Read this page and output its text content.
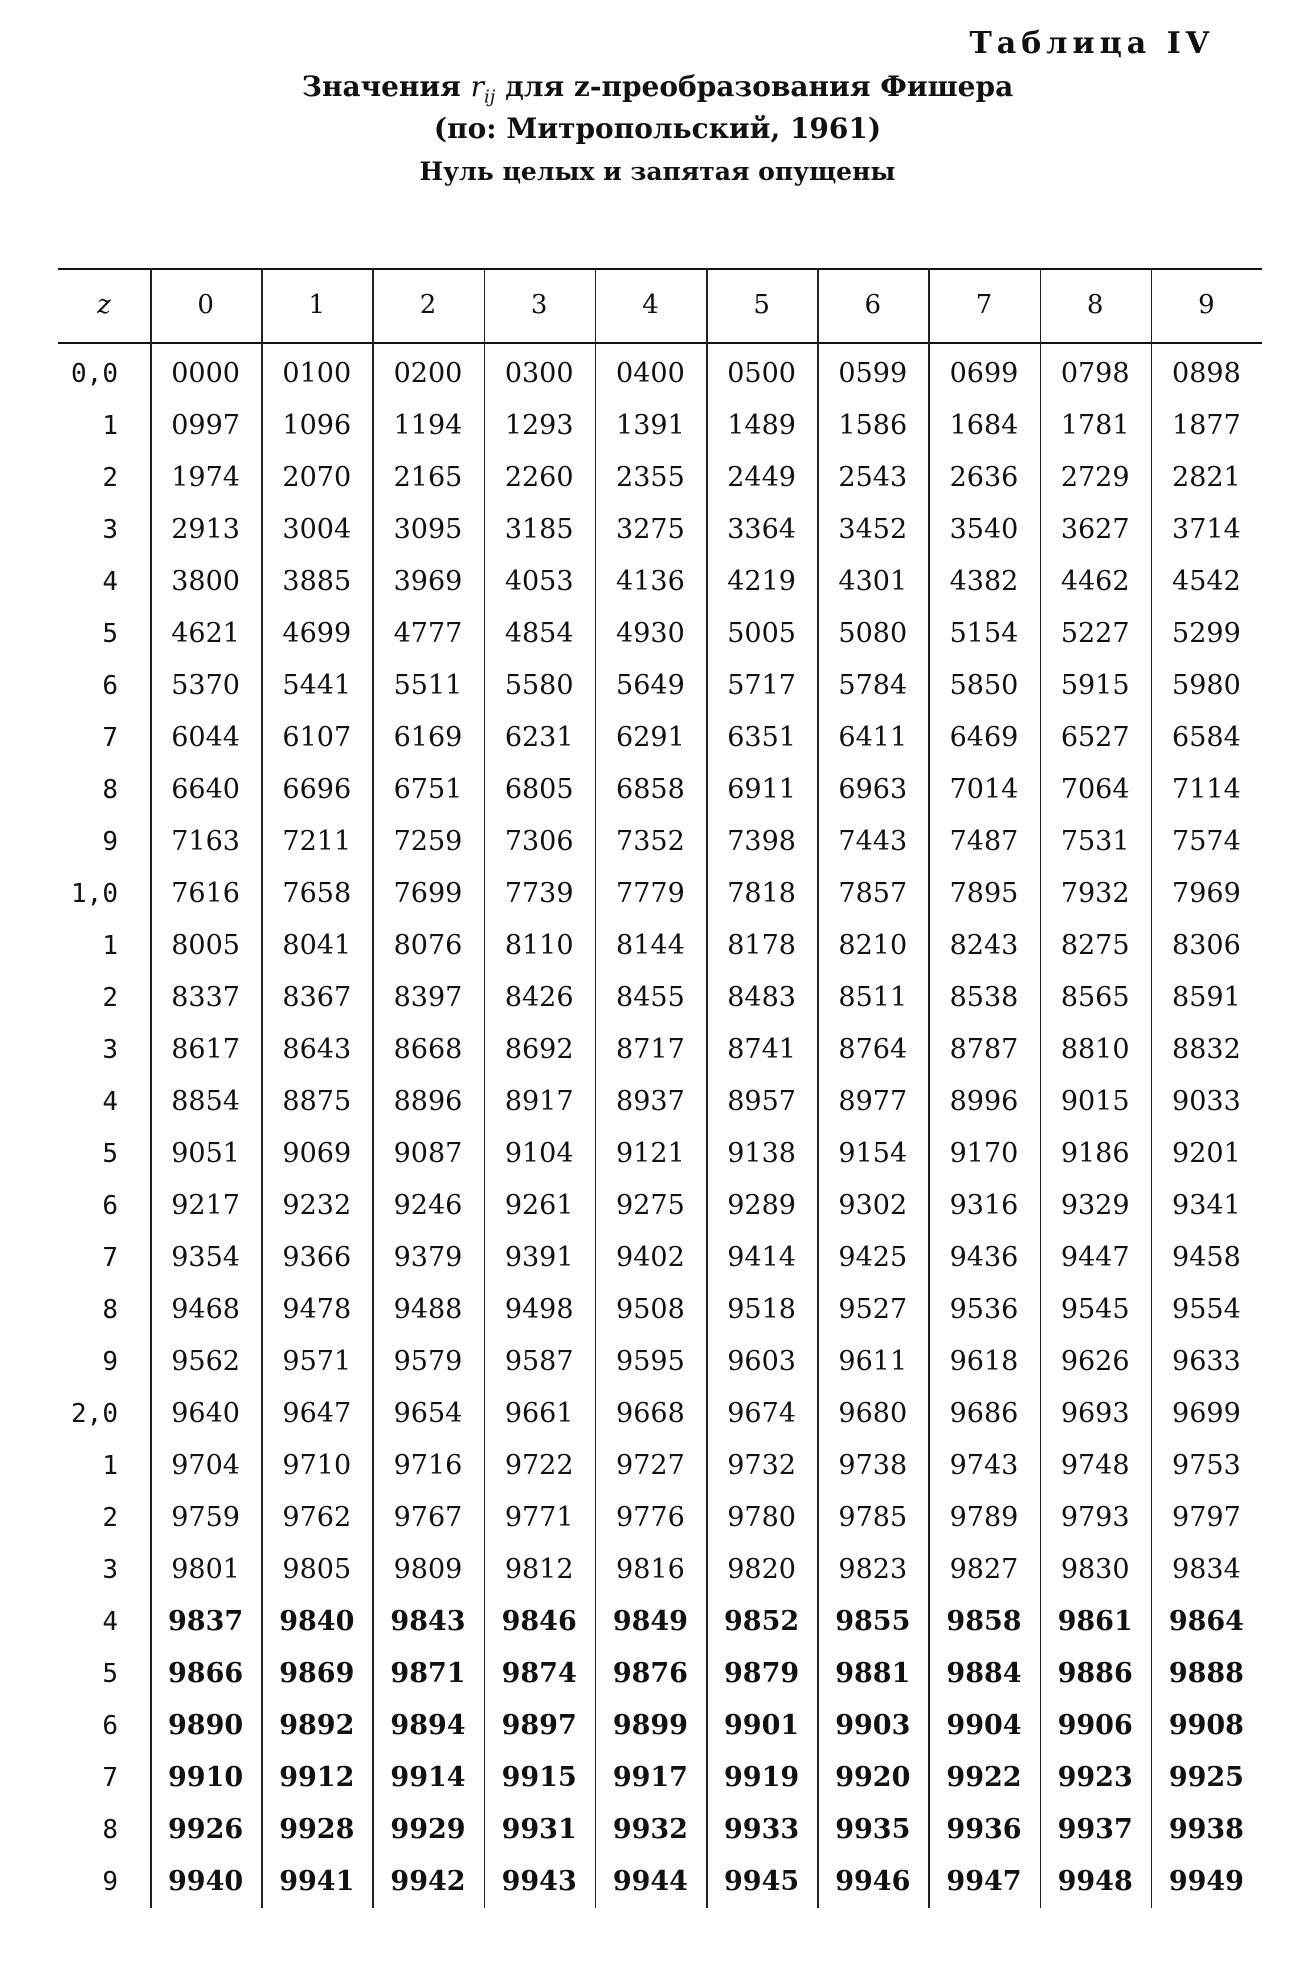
Таблица IV
Значения $r_{ij}$ для z-преобразования Фишера
(по: Митропольский, 1961)
Нуль целых и запятая опущены
z	0	1	2	3	4	5	6	7	8	9
0,0	0000	0100	0200	0300	0400	0500	0599	0699	0798	0898
1	0997	1096	1194	1293	1391	1489	1586	1684	1781	1877
2	1974	2070	2165	2260	2355	2449	2543	2636	2729	2821
3	2913	3004	3095	3185	3275	3364	3452	3540	3627	3714
4	3800	3885	3969	4053	4136	4219	4301	4382	4462	4542
5	4621	4699	4777	4854	4930	5005	5080	5154	5227	5299
6	5370	5441	5511	5580	5649	5717	5784	5850	5915	5980
7	6044	6107	6169	6231	6291	6351	6411	6469	6527	6584
8	6640	6696	6751	6805	6858	6911	6963	7014	7064	7114
9	7163	7211	7259	7306	7352	7398	7443	7487	7531	7574
1,0	7616	7658	7699	7739	7779	7818	7857	7895	7932	7969
1	8005	8041	8076	8110	8144	8178	8210	8243	8275	8306
2	8337	8367	8397	8426	8455	8483	8511	8538	8565	8591
3	8617	8643	8668	8692	8717	8741	8764	8787	8810	8832
4	8854	8875	8896	8917	8937	8957	8977	8996	9015	9033
5	9051	9069	9087	9104	9121	9138	9154	9170	9186	9201
6	9217	9232	9246	9261	9275	9289	9302	9316	9329	9341
7	9354	9366	9379	9391	9402	9414	9425	9436	9447	9458
8	9468	9478	9488	9498	9508	9518	9527	9536	9545	9554
9	9562	9571	9579	9587	9595	9603	9611	9618	9626	9633
2,0	9640	9647	9654	9661	9668	9674	9680	9686	9693	9699
1	9704	9710	9716	9722	9727	9732	9738	9743	9748	9753
2	9759	9762	9767	9771	9776	9780	9785	9789	9793	9797
3	9801	9805	9809	9812	9816	9820	9823	9827	9830	9834
4	9837	9840	9843	9846	9849	9852	9855	9858	9861	9864
5	9866	9869	9871	9874	9876	9879	9881	9884	9886	9888
6	9890	9892	9894	9897	9899	9901	9903	9904	9906	9908
7	9910	9912	9914	9915	9917	9919	9920	9922	9923	9925
8	9926	9928	9929	9931	9932	9933	9935	9936	9937	9938
9	9940	9941	9942	9943	9944	9945	9946	9947	9948	9949
